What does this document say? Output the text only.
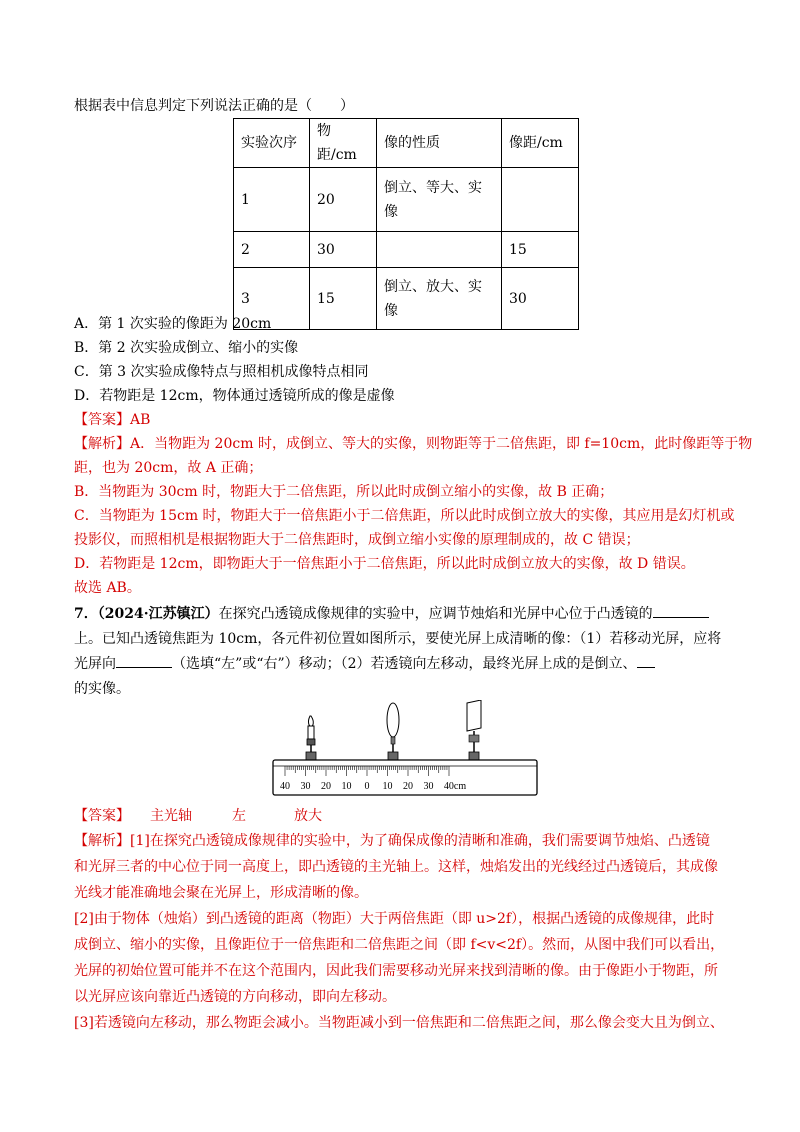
根据表中信息判定下列说法正确的是（　　）
实验次序	物距/cm	像的性质	像距/cm
1	20	倒立、等大、实像	
2	30		15
3	15	倒立、放大、实像	30
A．第 1 次实验的像距为 20cm
B．第 2 次实验成倒立、缩小的实像
C．第 3 次实验成像特点与照相机成像特点相同
D．若物距是 12cm，物体通过透镜所成的像是虚像
【答案】AB
【解析】A．当物距为 20cm 时，成倒立、等大的实像，则物距等于二倍焦距，即 f=10cm，此时像距等于物
距，也为 20cm，故 A 正确；
B．当物距为 30cm 时，物距大于二倍焦距，所以此时成倒立缩小的实像，故 B 正确；
C．当物距为 15cm 时，物距大于一倍焦距小于二倍焦距，所以此时成倒立放大的实像，其应用是幻灯机或
投影仪，而照相机是根据物距大于二倍焦距时，成倒立缩小实像的原理制成的，故 C 错误；
D．若物距是 12cm，即物距大于一倍焦距小于二倍焦距，所以此时成倒立放大的实像，故 D 错误。
故选 AB。
7．（2024·江苏镇江）在探究凸透镜成像规律的实验中，应调节烛焰和光屏中心位于凸透镜的
上。已知凸透镜焦距为 10cm，各元件初位置如图所示，要使光屏上成清晰的像：（1）若移动光屏，应将
光屏向	（选填“左”或“右”）移动；（2）若透镜向左移动，最终光屏上成的是倒立、
的实像。
40 30 20 10 0 10 20 30 40cm
【答案】 主光轴	左	放大
【解析】[1]在探究凸透镜成像规律的实验中，为了确保成像的清晰和准确，我们需要调节烛焰、凸透镜
和光屏三者的中心位于同一高度上，即凸透镜的主光轴上。这样，烛焰发出的光线经过凸透镜后，其成像
光线才能准确地会聚在光屏上，形成清晰的像。
[2]由于物体（烛焰）到凸透镜的距离（物距）大于两倍焦距（即 u>2f），根据凸透镜的成像规律，此时
成倒立、缩小的实像，且像距位于一倍焦距和二倍焦距之间（即 f<v<2f）。然而，从图中我们可以看出，
光屏的初始位置可能并不在这个范围内，因此我们需要移动光屏来找到清晰的像。由于像距小于物距，所
以光屏应该向靠近凸透镜的方向移动，即向左移动。
[3]若透镜向左移动，那么物距会减小。当物距减小到一倍焦距和二倍焦距之间，那么像会变大且为倒立、
